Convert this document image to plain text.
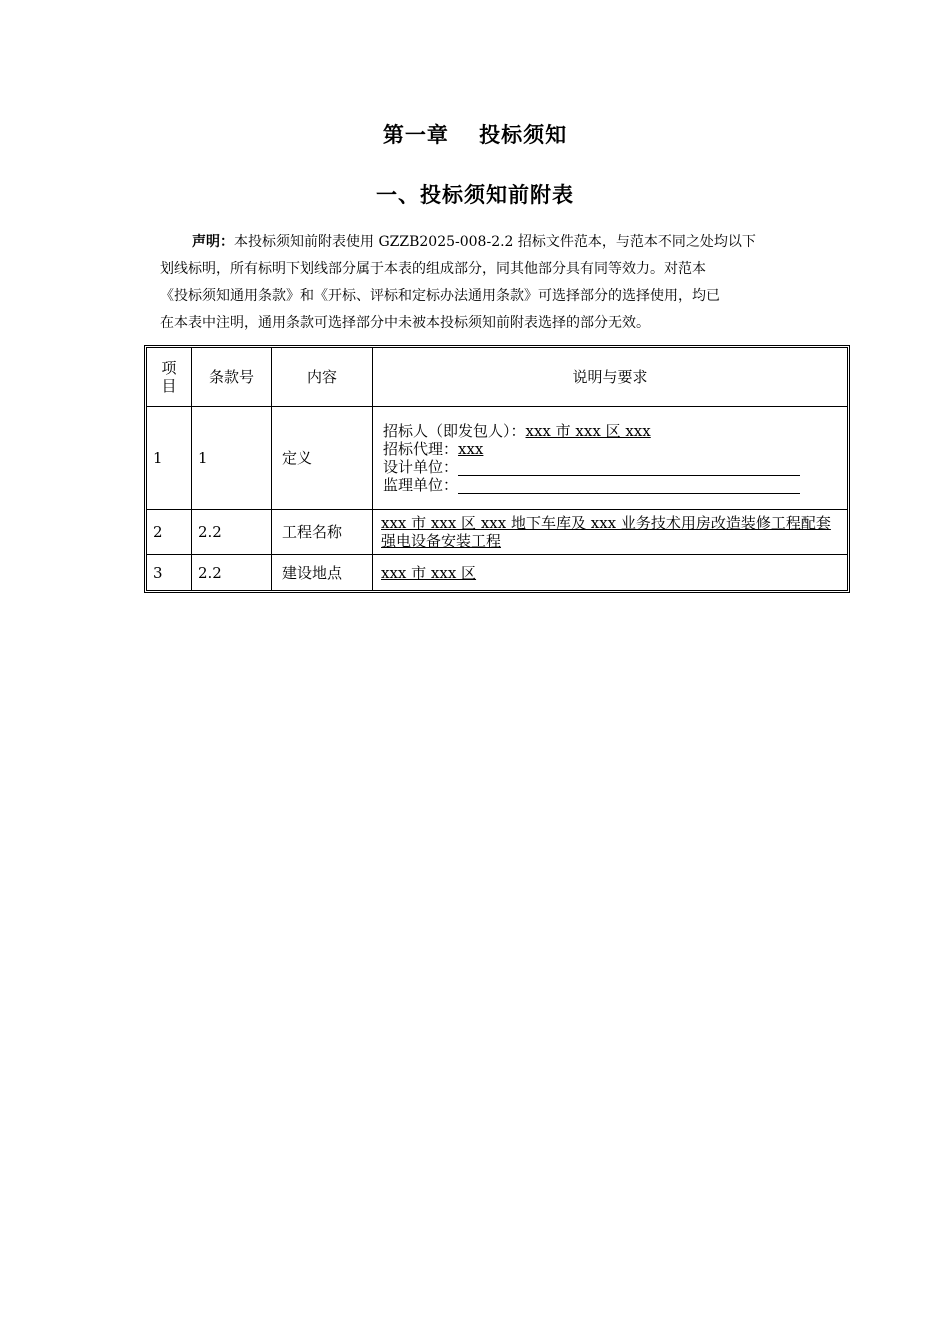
第一章　 投标须知
一、投标须知前附表
声明：本投标须知前附表使用 GZZB2025-008-2.2 招标文件范本，与范本不同之处均以下
划线标明，所有标明下划线部分属于本表的组成部分，同其他部分具有同等效力。对范本
《投标须知通用条款》和《开标、评标和定标办法通用条款》可选择部分的选择使用，均已
在本表中注明，通用条款可选择部分中未被本投标须知前附表选择的部分无效。
项目	条款号	内容	说明与要求
1	1	定义	招标人（即发包人）：xxx 市 xxx 区 xxx
招标代理：xxx
设计单位：
监理单位：

2	2.2	工程名称	xxx 市 xxx 区 xxx 地下车库及 xxx 业务技术用房改造装修工程配套强电设备安装工程
3	2.2	建设地点	xxx 市 xxx 区
